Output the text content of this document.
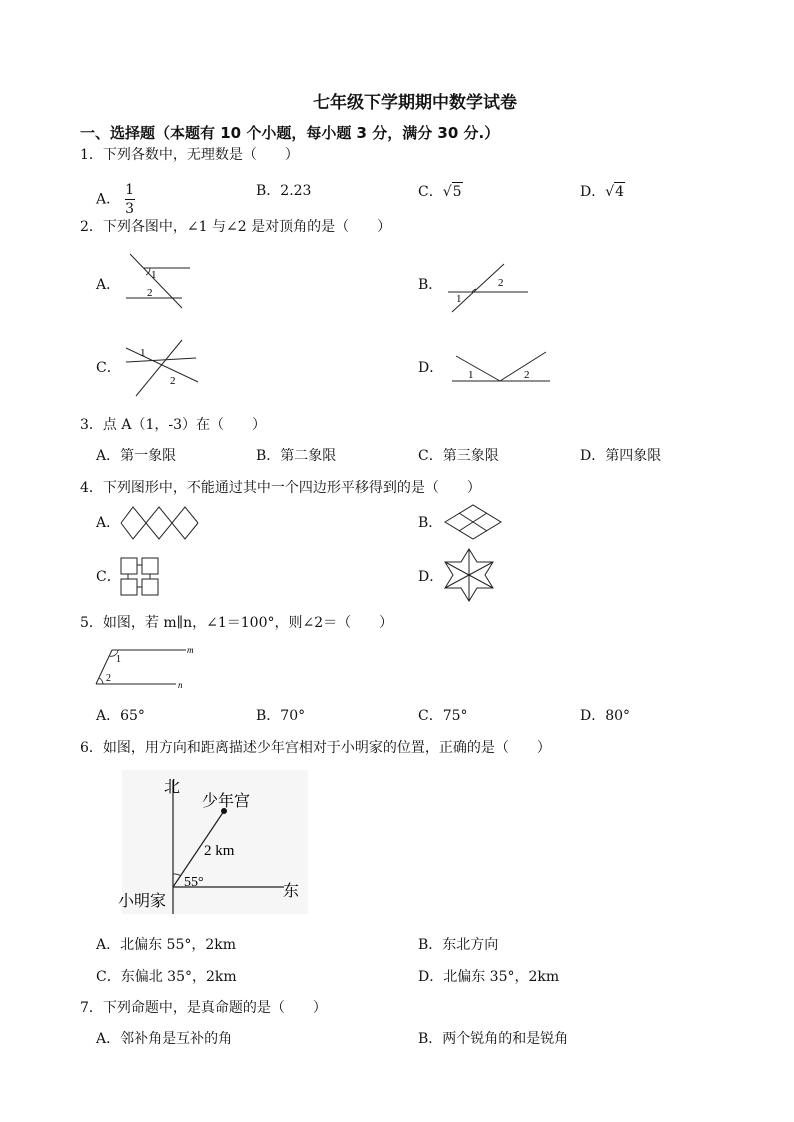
七年级下学期期中数学试卷
一、选择题（本题有 10 个小题，每小题 3 分，满分 30 分.）
1．下列各数中，无理数是（　　）
A． $\frac{1}{3}$	B．2.23	C． √ 5	D． √ 4
2．下列各图中，∠1 与∠2 是对顶角的是（　　）
A．
1
2	B．
1
2
C．
1
2
D． 1	2
3．点 A（1，-3）在（　　）
A．第一象限	B．第二象限	C．第三象限	D．第四象限
4．下列图形中，不能通过其中一个四边形平移得到的是（　　）
A．	B．
C．	D．
5．如图，若 m∥n，∠1＝100°，则∠2＝（　　）
1
2
m
n
A．65°	B．70°	C．75°	D．80°
6．如图，用方向和距离描述少年宫相对于小明家的位置，正确的是（　　）
北
少年宫
2 km
55°
东
小明家
A．北偏东 55°，2km	B．东北方向
C．东偏北 35°，2km	D．北偏东 35°，2km
7．下列命题中，是真命题的是（　　）
A．邻补角是互补的角	B．两个锐角的和是锐角
